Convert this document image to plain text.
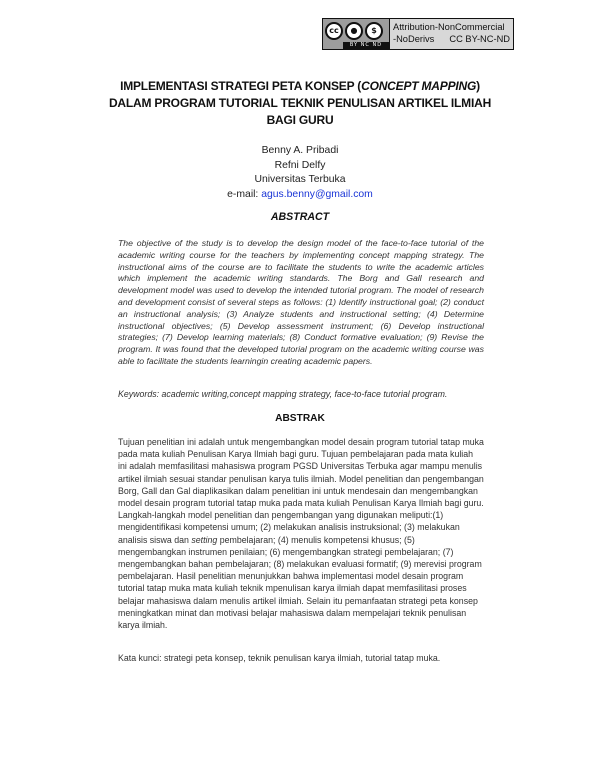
cc	●	$
BY NC ND
Attribution-NonCommercial
-NoDerivs CC BY-NC-ND
IMPLEMENTASI STRATEGI PETA KONSEP (CONCEPT MAPPING)
DALAM PROGRAM TUTORIAL TEKNIK PENULISAN ARTIKEL ILMIAH
BAGI GURU
Benny A. Pribadi
Refni Delfy
Universitas Terbuka
e-mail: agus.benny@gmail.com
ABSTRACT

The objective of the study is to develop the design model of the face-to-face tutorial of the academic writing course for the teachers by implementing concept mapping strategy. The instructional aims of the course are to facilitate the students to write the academic articles which implement the academic writing standards. The Borg and Gall research and development model was used to develop the intended tutorial program. The model of research and development consist of several steps as follows: (1) Identify instructional goal; (2) conduct an instructional analysis; (3) Analyze students and instructional setting; (4) Determine instructional objectives; (5) Develop assessment instrument; (6) Develop instructional strategies; (7) Develop learning materials; (8) Conduct formative evaluation; (9) Revise the program. It was found that the developed tutorial program on the academic writing course was able to facilitate the students learningin creating academic papers.

Keywords: academic writing,concept mapping strategy, face-to-face tutorial program.

ABSTRAK

Tujuan penelitian ini adalah untuk mengembangkan model desain program tutorial tatap muka pada mata kuliah Penulisan Karya Ilmiah bagi guru. Tujuan pembelajaran pada mata kuliah ini adalah memfasilitasi mahasiswa program PGSD Universitas Terbuka agar mampu menulis artikel ilmiah sesuai standar penulisan karya tulis ilmiah. Model penelitian dan pengembangan Borg, Gall dan Gal diaplikasikan dalam penelitian ini untuk mendesain dan mengembangkan model desain program tutorial tatap muka pada mata kuliah Penulisan Karya Ilmiah bagi guru. Langkah-langkah model penelitian dan pengembangan yang digunakan meliputi:(1) mengidentifikasi kompetensi umum; (2) melakukan analisis instruksional; (3) melakukan analisis siswa dan setting pembelajaran; (4) menulis kompetensi khusus; (5) mengembangkan instrumen penilaian; (6) mengembangkan strategi pembelajaran; (7) mengembangkan bahan pembelajaran; (8) melakukan evaluasi formatif; (9) merevisi program pembelajaran. Hasil penelitian menunjukkan bahwa implementasi model desain program tutorial tatap muka mata kuliah teknik mpenulisan karya ilmiah dapat memfasilitasi proses belajar mahasiswa dalam menulis artikel ilmiah. Selain itu pemanfaatan strategi peta konsep meningkatkan minat dan motivasi belajar mahasiswa dalam mempelajari teknik penulisan karya ilmiah.

Kata kunci: strategi peta konsep, teknik penulisan karya ilmiah, tutorial tatap muka.
